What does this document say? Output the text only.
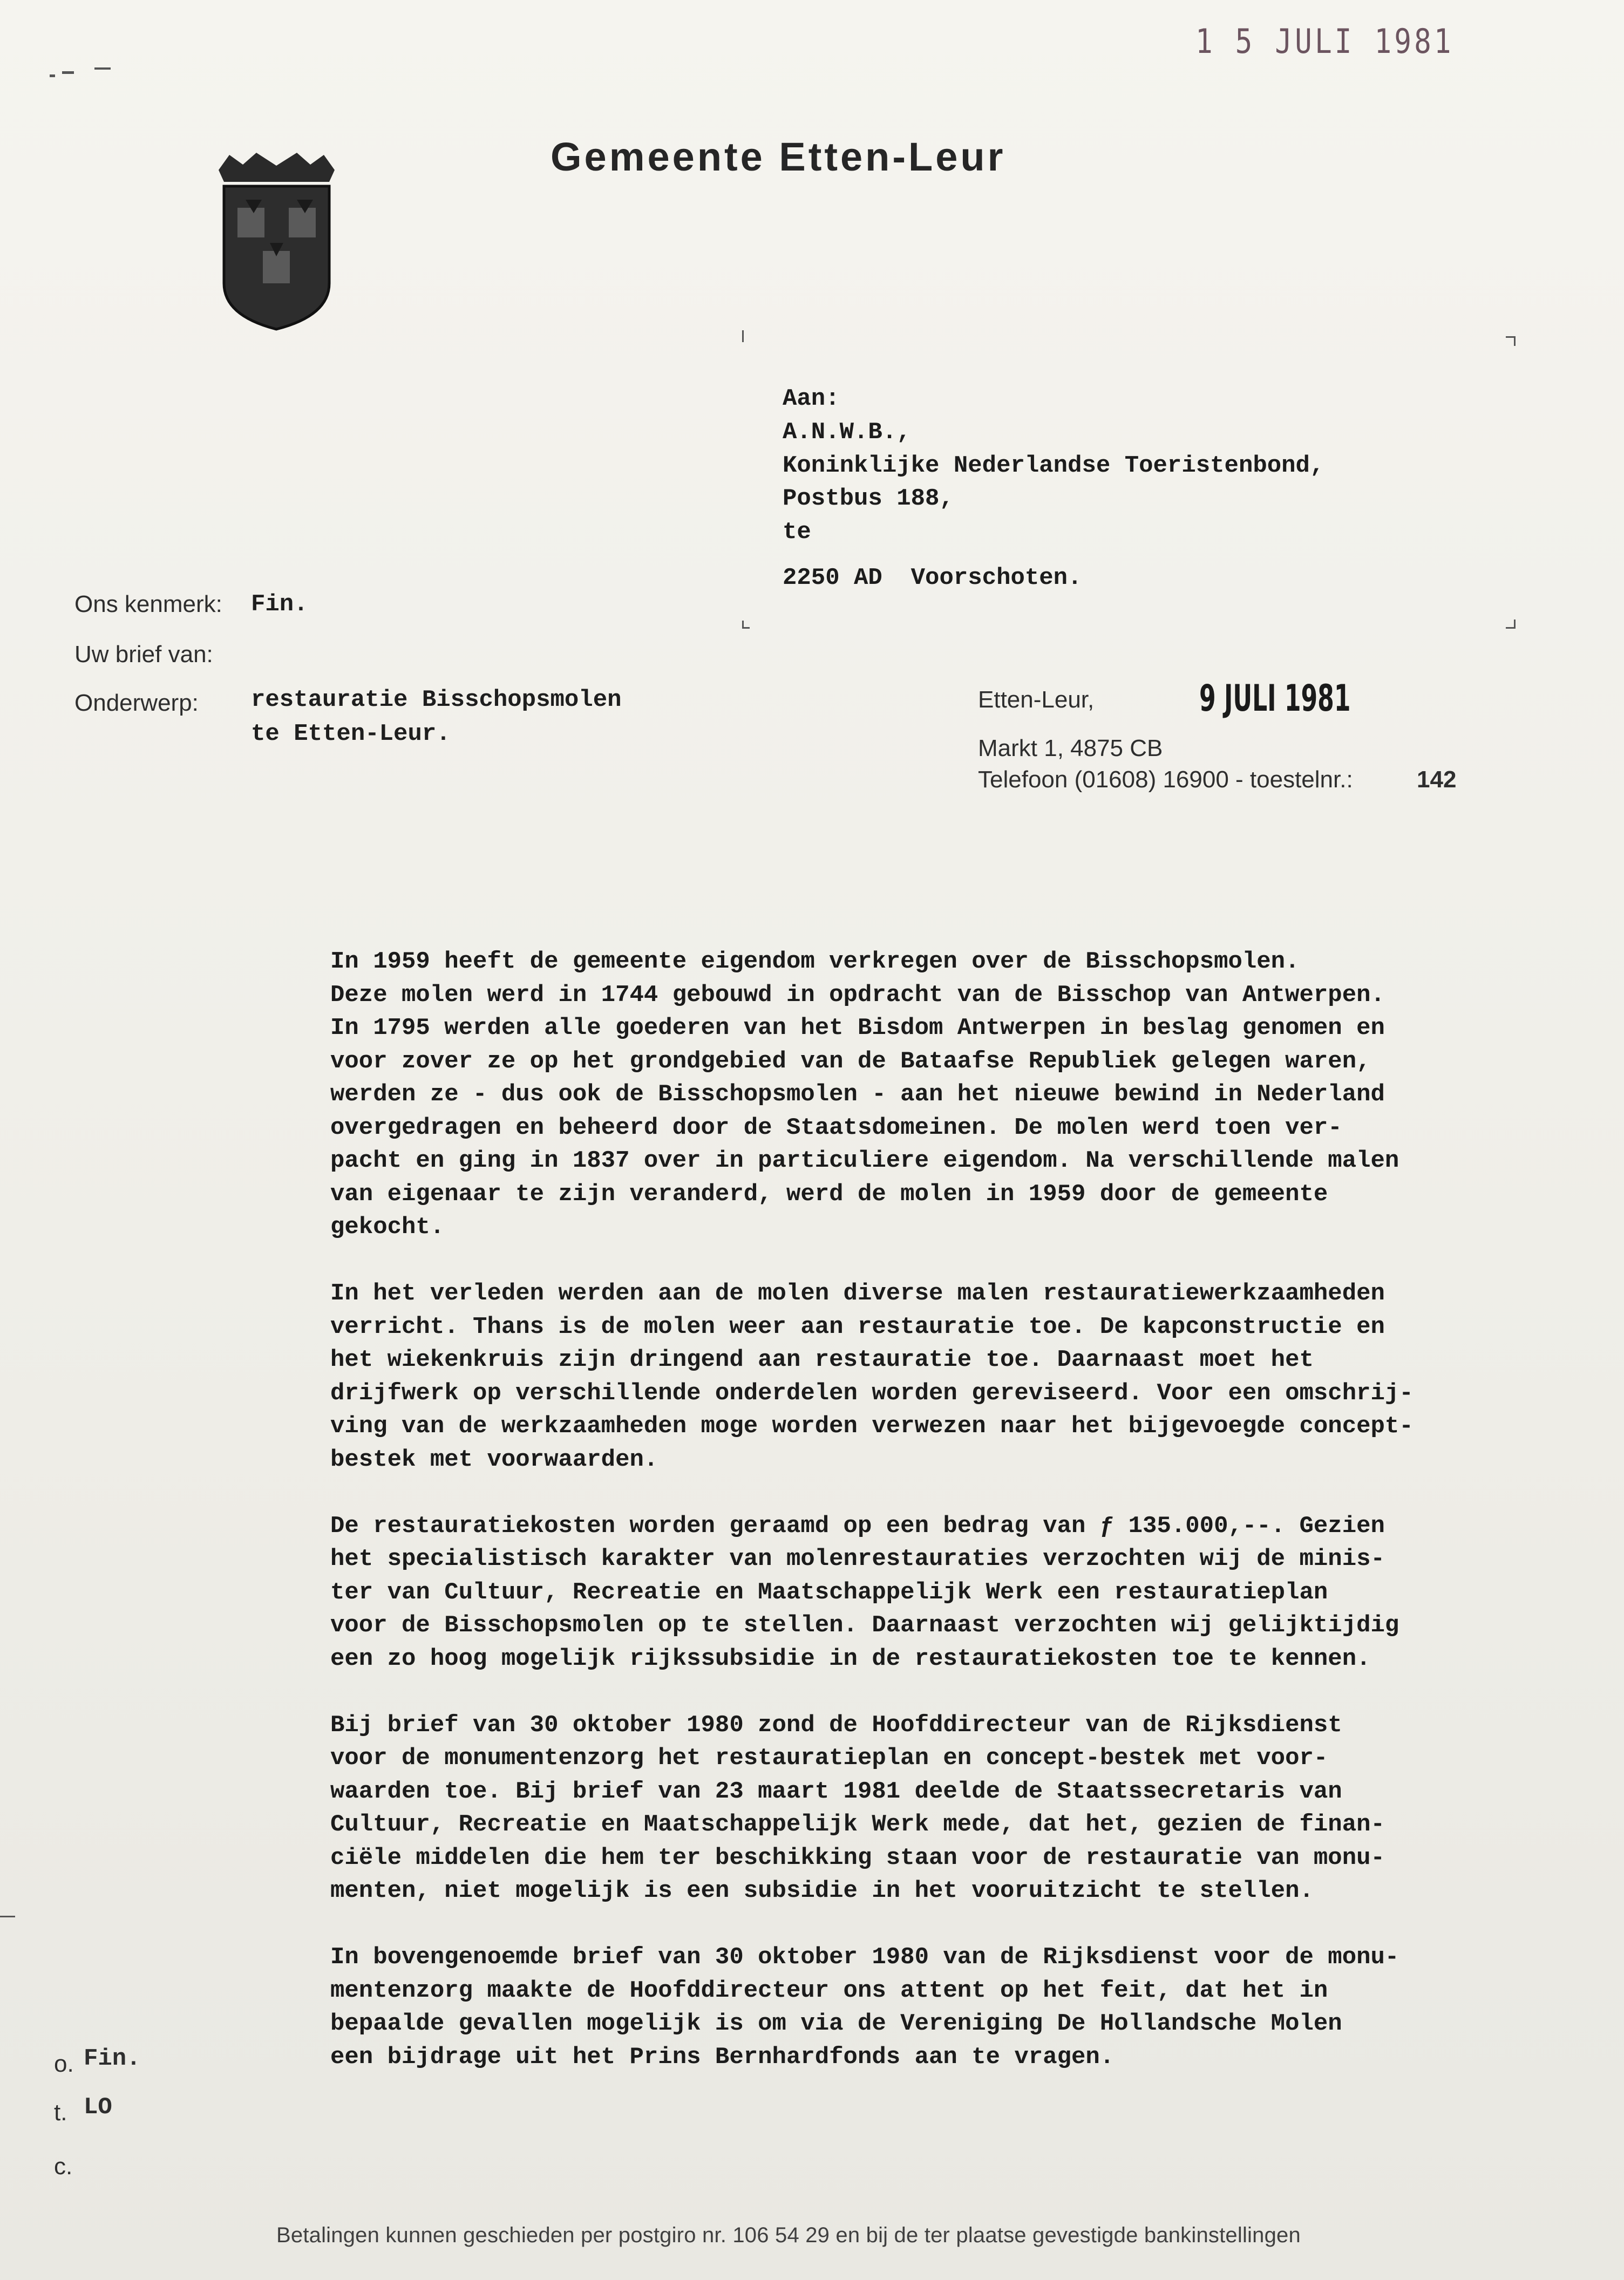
1 5 JULI 1981
Gemeente Etten-Leur
Aan:
A.N.W.B.,
Koninklijke Nederlandse Toeristenbond,
Postbus 188,
te
2250 AD  Voorschoten.
Ons kenmerk: Fin.
Uw brief van:
Onderwerp: restauratie Bisschopsmolen
te Etten-Leur.
Etten-Leur,	9 JULI 1981
Markt 1, 4875 CB
Telefoon (01608) 16900 - toestelnr.:	142

In 1959 heeft de gemeente eigendom verkregen over de Bisschopsmolen.
Deze molen werd in 1744 gebouwd in opdracht van de Bisschop van Antwerpen.
In 1795 werden alle goederen van het Bisdom Antwerpen in beslag genomen en
voor zover ze op het grondgebied van de Bataafse Republiek gelegen waren,
werden ze - dus ook de Bisschopsmolen - aan het nieuwe bewind in Nederland
overgedragen en beheerd door de Staatsdomeinen. De molen werd toen ver-
pacht en ging in 1837 over in particuliere eigendom. Na verschillende malen
van eigenaar te zijn veranderd, werd de molen in 1959 door de gemeente
gekocht.

In het verleden werden aan de molen diverse malen restauratiewerkzaamheden
verricht. Thans is de molen weer aan restauratie toe. De kapconstructie en
het wiekenkruis zijn dringend aan restauratie toe. Daarnaast moet het
drijfwerk op verschillende onderdelen worden gereviseerd. Voor een omschrij-
ving van de werkzaamheden moge worden verwezen naar het bijgevoegde concept-
bestek met voorwaarden.

De restauratiekosten worden geraamd op een bedrag van ƒ 135.000,--. Gezien
het specialistisch karakter van molenrestauraties verzochten wij de minis-
ter van Cultuur, Recreatie en Maatschappelijk Werk een restauratieplan
voor de Bisschopsmolen op te stellen. Daarnaast verzochten wij gelijktijdig
een zo hoog mogelijk rijkssubsidie in de restauratiekosten toe te kennen.

Bij brief van 30 oktober 1980 zond de Hoofddirecteur van de Rijksdienst
voor de monumentenzorg het restauratieplan en concept-bestek met voor-
waarden toe. Bij brief van 23 maart 1981 deelde de Staatssecretaris van
Cultuur, Recreatie en Maatschappelijk Werk mede, dat het, gezien de finan-
ciële middelen die hem ter beschikking staan voor de restauratie van monu-
menten, niet mogelijk is een subsidie in het vooruitzicht te stellen.

In bovengenoemde brief van 30 oktober 1980 van de Rijksdienst voor de monu-
mentenzorg maakte de Hoofddirecteur ons attent op het feit, dat het in
bepaalde gevallen mogelijk is om via de Vereniging De Hollandsche Molen
een bijdrage uit het Prins Bernhardfonds aan te vragen.

o. Fin.
t. LO
c.
Betalingen kunnen geschieden per postgiro nr. 106 54 29 en bij de ter plaatse gevestigde bankinstellingen
